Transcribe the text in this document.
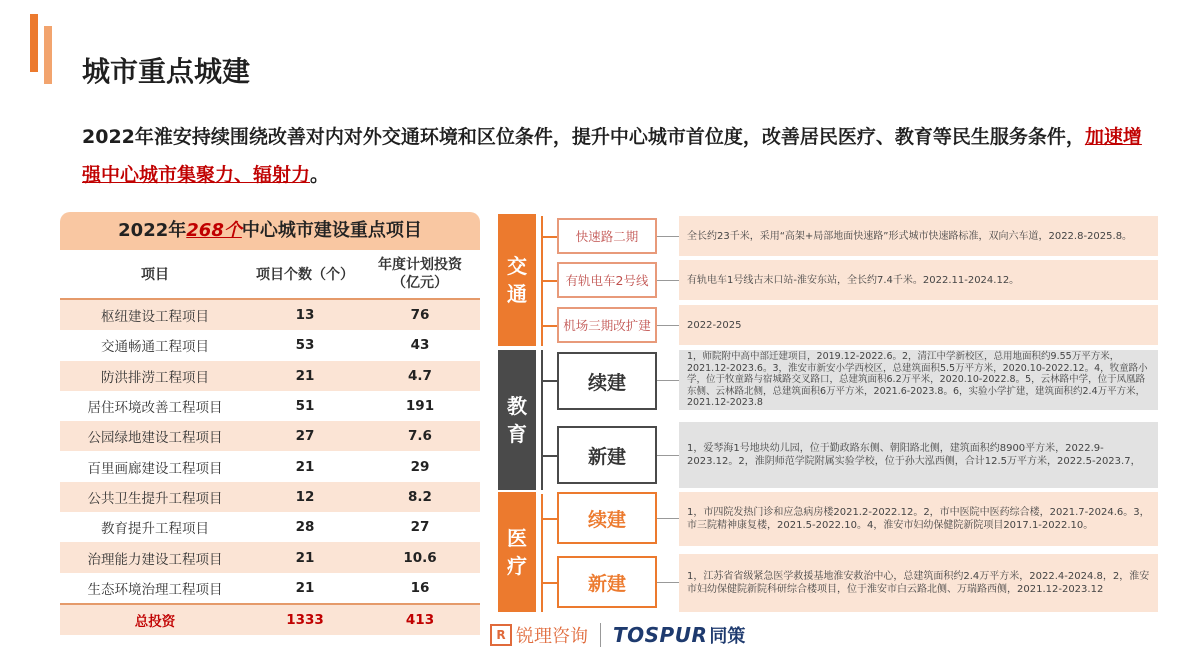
城市重点城建
2022年淮安持续围绕改善对内对外交通环境和区位条件，提升中心城市首位度，改善居民医疗、教育等民生服务条件，加速增强中心城市集聚力、辐射力。
2022年268个中心城市建设重点项目
项目	项目个数（个）	年度计划投资（亿元）
枢纽建设工程项目	13	76
交通畅通工程项目	53	43
防洪排涝工程项目	21	4.7
居住环境改善工程项目	51	191
公园绿地建设工程项目	27	7.6
百里画廊建设工程项目	21	29
公共卫生提升工程项目	12	8.2
教育提升工程项目	28	27
治理能力建设工程项目	21	10.6
生态环境治理工程项目	21	16
总投资	1333	413
交通
快速路二期	全长约23千米，采用“高架+局部地面快速路”形式城市快速路标准，双向六车道，2022.8-2025.8。
有轨电车2号线	有轨电车1号线古末口站-淮安东站，全长约7.4千米。2022.11-2024.12。
机场三期改扩建	2022-2025
教育
续建
1，师院附中高中部迁建项目，2019.12-2022.6。2，清江中学新校区，总用地面积约9.55万平方米，2021.12-2023.6。3，淮安市新安小学西校区，总建筑面积5.5万平方米，2020.10-2022.12。4，牧童路小学，位于牧童路与宿城路交叉路口，总建筑面积6.2万平米，2020.10-2022.8。5，云林路中学，位于凤凰路东侧、云林路北侧，总建筑面积6万平方米，2021.6-2023.8。6，实验小学扩建，建筑面积约2.4万平方米，2021.12-2023.8
新建	1，爱琴海1号地块幼儿园，位于勤政路东侧、朝阳路北侧，建筑面积约8900平方米，2022.9-2023.12。2，淮阴师范学院附属实验学校，位于孙大泓西侧，合计12.5万平方米，2022.5-2023.7，
医疗
续建	1，市四院发热门诊和应急病房楼2021.2-2022.12。2，市中医院中医药综合楼，2021.7-2024.6。3，市三院精神康复楼，2021.5-2022.10。4，淮安市妇幼保健院新院项目2017.1-2022.10。
新建	1，江苏省省级紧急医学救援基地淮安救治中心，总建筑面积约2.4万平方米，2022.4-2024.8，2，淮安市妇幼保健院新院科研综合楼项目，位于淮安市白云路北侧、万瑞路西侧，2021.12-2023.12
R 锐理咨询 TOSPUR 同策
